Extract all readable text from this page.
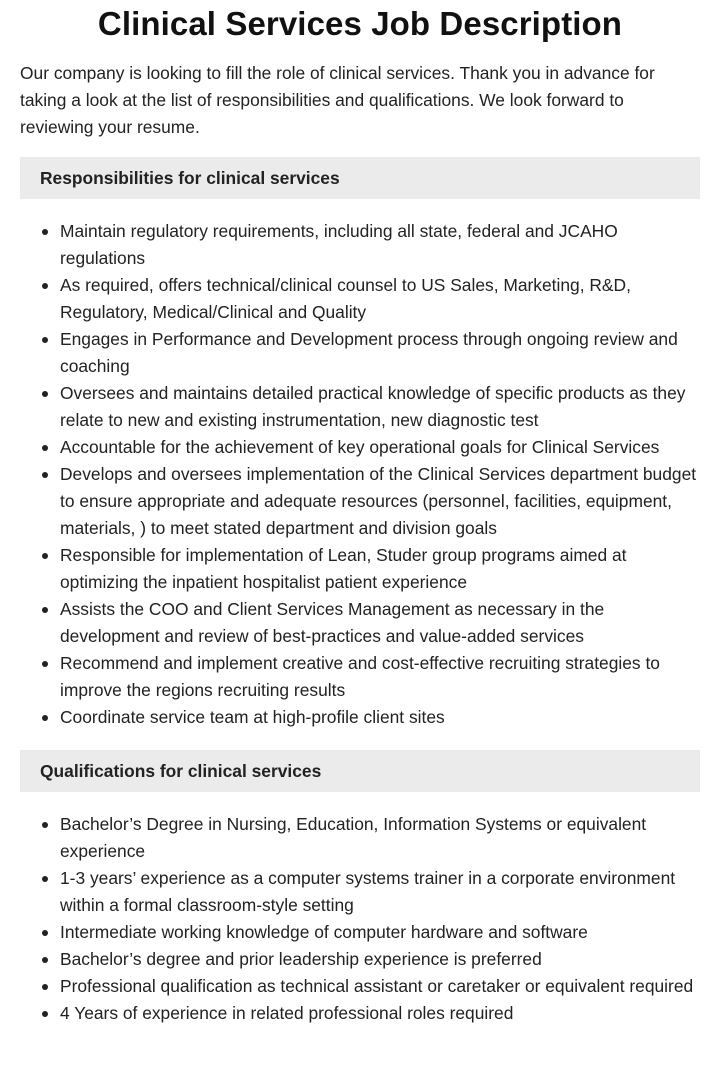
Clinical Services Job Description

Our company is looking to fill the role of clinical services. Thank you in advance for taking a look at the list of responsibilities and qualifications. We look forward to reviewing your resume.

Responsibilities for clinical services
Maintain regulatory requirements, including all state, federal and JCAHO regulations
As required, offers technical/clinical counsel to US Sales, Marketing, R&D, Regulatory, Medical/Clinical and Quality
Engages in Performance and Development process through ongoing review and coaching
Oversees and maintains detailed practical knowledge of specific products as they relate to new and existing instrumentation, new diagnostic test
Accountable for the achievement of key operational goals for Clinical Services
Develops and oversees implementation of the Clinical Services department budget to ensure appropriate and adequate resources (personnel, facilities, equipment, materials, ) to meet stated department and division goals
Responsible for implementation of Lean, Studer group programs aimed at optimizing the inpatient hospitalist patient experience
Assists the COO and Client Services Management as necessary in the development and review of best-practices and value-added services
Recommend and implement creative and cost-effective recruiting strategies to improve the regions recruiting results
Coordinate service team at high-profile client sites
Qualifications for clinical services
Bachelor’s Degree in Nursing, Education, Information Systems or equivalent experience
1-3 years’ experience as a computer systems trainer in a corporate environment within a formal classroom-style setting
Intermediate working knowledge of computer hardware and software
Bachelor’s degree and prior leadership experience is preferred
Professional qualification as technical assistant or caretaker or equivalent required
4 Years of experience in related professional roles required
